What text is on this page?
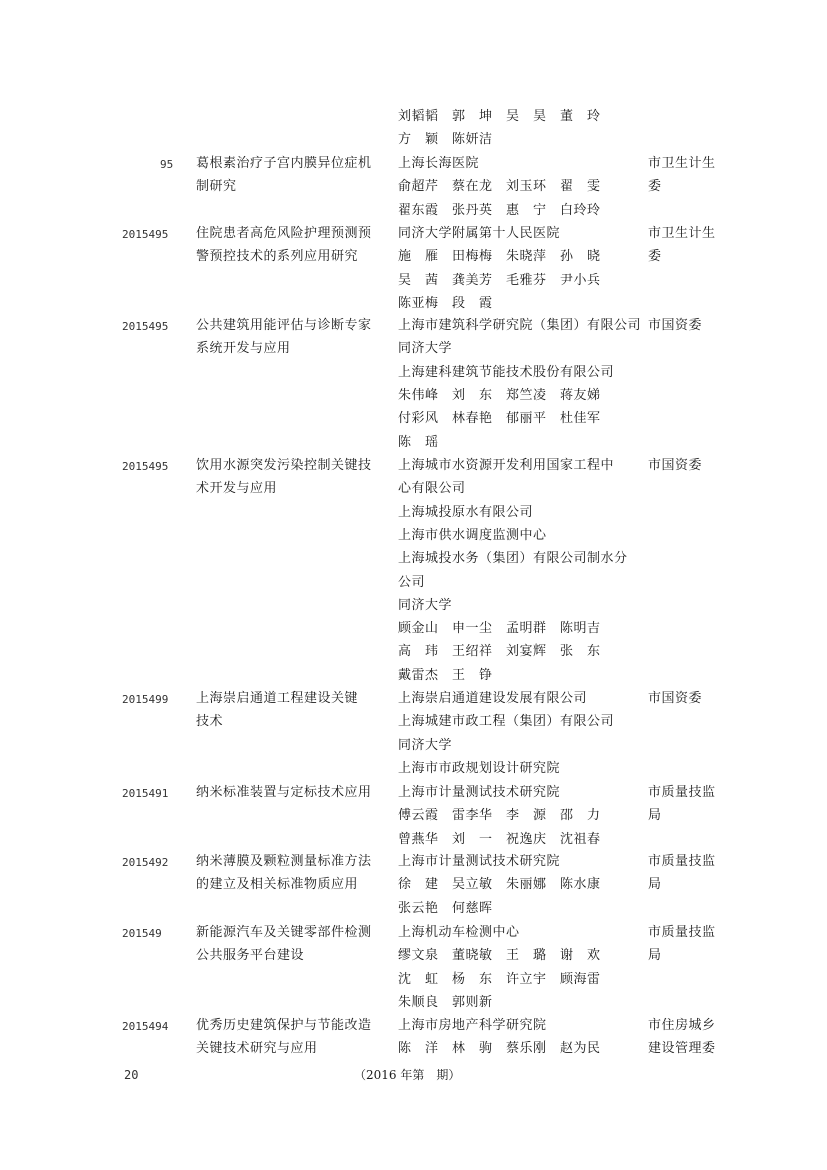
刘韬韬　郭　坤　吴　昊　董　玲
方　颖　陈妍洁
95 葛根素治疗子宫内膜异位症机
制研究
上海长海医院
俞超芹　蔡在龙　刘玉环　翟　雯
翟东霞　张丹英　惠　宁　白玲玲
市卫生计生
委
2015495 住院患者高危风险护理预测预
警预控技术的系列应用研究
同济大学附属第十人民医院
施　雁　田梅梅　朱晓萍　孙　晓
吴　茜　龚美芳　毛雅芬　尹小兵
陈亚梅　段　霞
市卫生计生
委
2015495 公共建筑用能评估与诊断专家
系统开发与应用
上海市建筑科学研究院（集团）有限公司
同济大学
上海建科建筑节能技术股份有限公司
朱伟峰　刘　东　郑竺凌　蒋友娣
付彩风　林春艳　郁丽平　杜佳军
陈　瑶
市国资委
2015495 饮用水源突发污染控制关键技
术开发与应用
上海城市水资源开发利用国家工程中
心有限公司
上海城投原水有限公司
上海市供水调度监测中心
上海城投水务（集团）有限公司制水分
公司
同济大学
顾金山　申一尘　孟明群　陈明吉
高　玮　王绍祥　刘宴辉　张　东
戴雷杰　王　铮
市国资委
2015499 上海崇启通道工程建设关键
技术
上海崇启通道建设发展有限公司
上海城建市政工程（集团）有限公司
同济大学
上海市市政规划设计研究院
市国资委
2015491 纳米标准装置与定标技术应用 上海市计量测试技术研究院
傅云霞　雷李华　李　源　邵　力
曾燕华　刘　一　祝逸庆　沈祖春
市质量技监
局
2015492 纳米薄膜及颗粒测量标准方法
的建立及相关标准物质应用
上海市计量测试技术研究院
徐　建　吴立敏　朱丽娜　陈水康
张云艳　何慈晖
市质量技监
局
201549	新能源汽车及关键零部件检测
公共服务平台建设
上海机动车检测中心
缪文泉　董晓敏　王　璐　谢　欢
沈　虹　杨　东　许立宇　顾海雷
朱顺良　郭则新
市质量技监
局
2015494 优秀历史建筑保护与节能改造
关键技术研究与应用
上海市房地产科学研究院
陈　洋　林　驹　蔡乐刚　赵为民
市住房城乡
建设管理委
20	（2016 年第　期）
